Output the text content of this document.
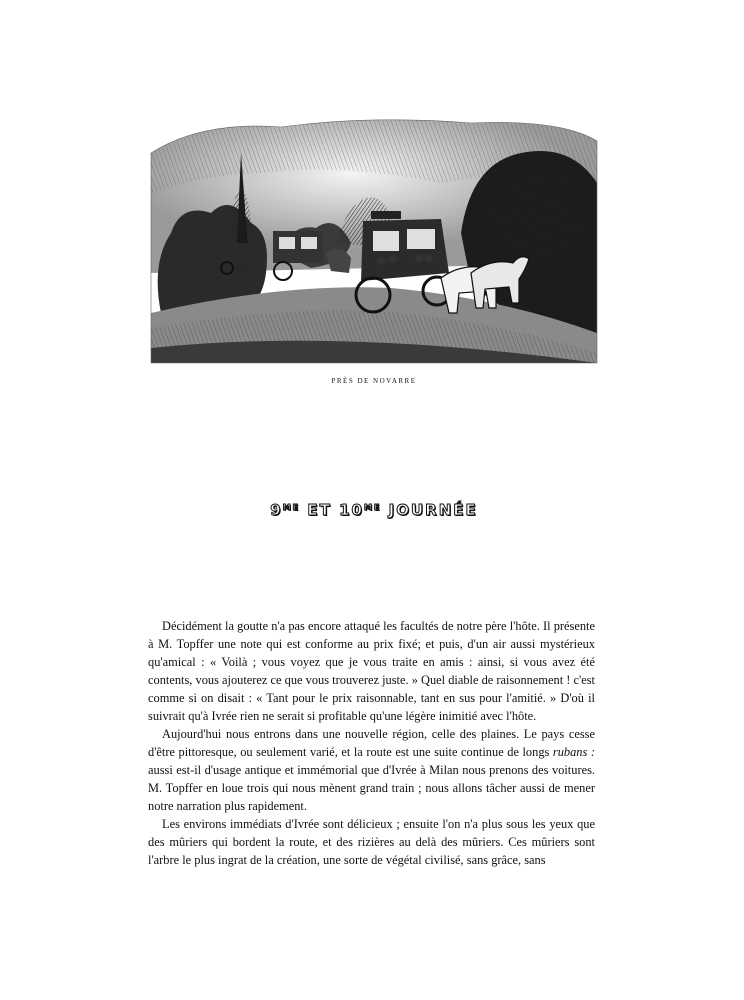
PRÈS DE NOVARRE
$9^{ME}$ ET $10^{ME}$ JOURNÉE

Décidément la goutte n'a pas encore attaqué les facultés de notre père l'hôte. Il présente à M. Topffer une note qui est conforme au prix fixé; et puis, d'un air aussi mystérieux qu'amical : « Voilà ; vous voyez que je vous traite en amis : ainsi, si vous avez été contents, vous ajouterez ce que vous trouverez juste. » Quel diable de raisonnement ! c'est comme si on disait : « Tant pour le prix raisonnable, tant en sus pour l'amitié. » D'où il suivrait qu'à Ivrée rien ne serait si profitable qu'une légère inimitié avec l'hôte.

Aujourd'hui nous entrons dans une nouvelle région, celle des plaines. Le pays cesse d'être pittoresque, ou seulement varié, et la route est une suite continue de longs rubans : aussi est-il d'usage antique et immémorial que d'Ivrée à Milan nous prenons des voitures. M. Topffer en loue trois qui nous mènent grand train ; nous allons tâcher aussi de mener notre narration plus rapidement.

Les environs immédiats d'Ivrée sont délicieux ; ensuite l'on n'a plus sous les yeux que des mûriers qui bordent la route, et des rizières au delà des mûriers. Ces mûriers sont l'arbre le plus ingrat de la création, une sorte de végétal civilisé, sans grâce, sans
